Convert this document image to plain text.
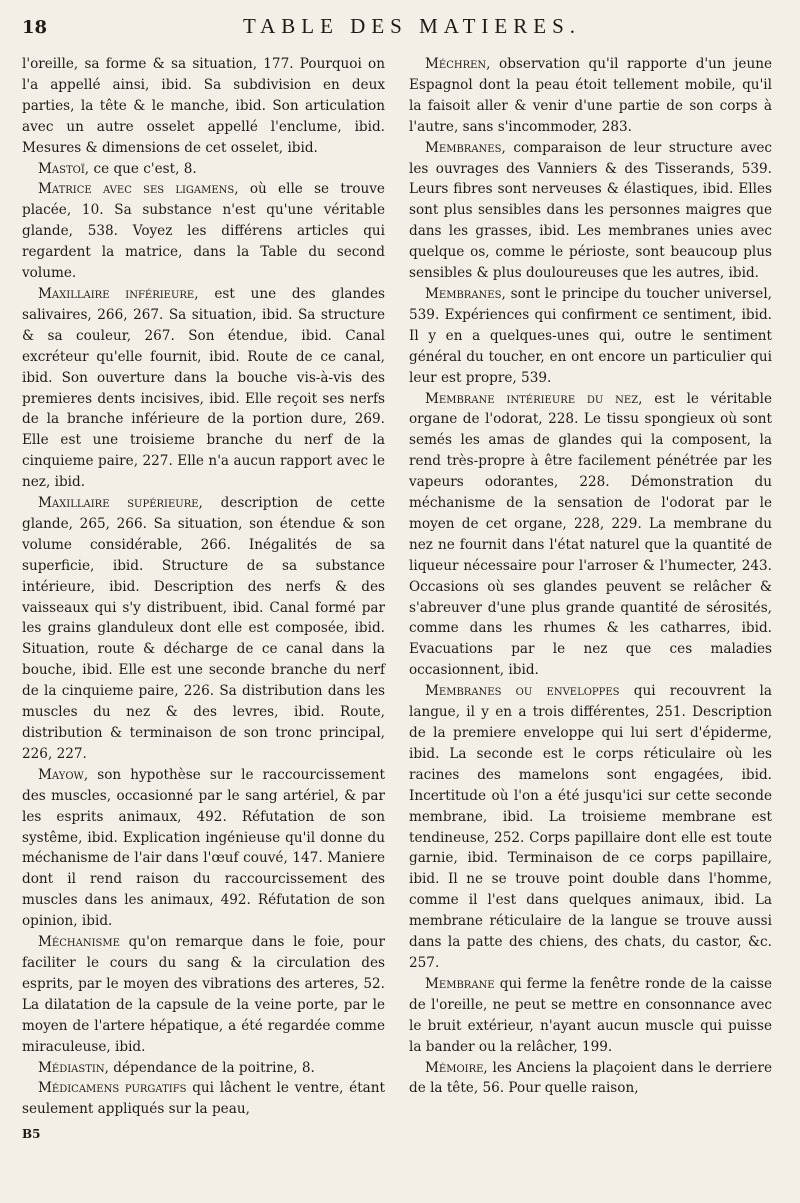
18	TABLE DES MATIERES.

l'oreille, sa forme & sa situation, 177. Pourquoi on l'a appellé ainsi, ibid. Sa subdivision en deux parties, la tête & le manche, ibid. Son articulation avec un autre osselet appellé l'enclume, ibid. Mesures & dimensions de cet osselet, ibid.

Mastoï, ce que c'est, 8.

Matrice avec ses ligamens, où elle se trouve placée, 10. Sa substance n'est qu'une véritable glande, 538. Voyez les différens articles qui regardent la matrice, dans la Table du second volume.

Maxillaire inférieure, est une des glandes salivaires, 266, 267. Sa situation, ibid. Sa structure & sa couleur, 267. Son étendue, ibid. Canal excréteur qu'elle fournit, ibid. Route de ce canal, ibid. Son ouverture dans la bouche vis-à-vis des premieres dents incisives, ibid. Elle reçoit ses nerfs de la branche inférieure de la portion dure, 269. Elle est une troisieme branche du nerf de la cinquieme paire, 227. Elle n'a aucun rapport avec le nez, ibid.

Maxillaire supérieure, description de cette glande, 265, 266. Sa situation, son étendue & son volume considérable, 266. Inégalités de sa superficie, ibid. Structure de sa substance intérieure, ibid. Description des nerfs & des vaisseaux qui s'y distribuent, ibid. Canal formé par les grains glanduleux dont elle est composée, ibid. Situation, route & décharge de ce canal dans la bouche, ibid. Elle est une seconde branche du nerf de la cinquieme paire, 226. Sa distribution dans les muscles du nez & des levres, ibid. Route, distribution & terminaison de son tronc principal, 226, 227.

Mayow, son hypothèse sur le raccourcissement des muscles, occasionné par le sang artériel, & par les esprits animaux, 492. Réfutation de son systême, ibid. Explication ingénieuse qu'il donne du méchanisme de l'air dans l'œuf couvé, 147. Maniere dont il rend raison du raccourcissement des muscles dans les animaux, 492. Réfutation de son opinion, ibid.

Méchanisme qu'on remarque dans le foie, pour faciliter le cours du sang & la circulation des esprits, par le moyen des vibrations des arteres, 52. La dilatation de la capsule de la veine porte, par le moyen de l'artere hépatique, a été regardée comme miraculeuse, ibid.

Médiastin, dépendance de la poitrine, 8.

Médicamens purgatifs qui lâchent le ventre, étant seulement appliqués sur la peau,

B5

Méchren, observation qu'il rapporte d'un jeune Espagnol dont la peau étoit tellement mobile, qu'il la faisoit aller & venir d'une partie de son corps à l'autre, sans s'incommoder, 283.

Membranes, comparaison de leur structure avec les ouvrages des Vanniers & des Tisserands, 539. Leurs fibres sont nerveuses & élastiques, ibid. Elles sont plus sensibles dans les personnes maigres que dans les grasses, ibid. Les membranes unies avec quelque os, comme le périoste, sont beaucoup plus sensibles & plus douloureuses que les autres, ibid.

Membranes, sont le principe du toucher universel, 539. Expériences qui confirment ce sentiment, ibid. Il y en a quelques-unes qui, outre le sentiment général du toucher, en ont encore un particulier qui leur est propre, 539.

Membrane intérieure du nez, est le véritable organe de l'odorat, 228. Le tissu spongieux où sont semés les amas de glandes qui la composent, la rend très-propre à être facilement pénétrée par les vapeurs odorantes, 228. Démonstration du méchanisme de la sensation de l'odorat par le moyen de cet organe, 228, 229. La membrane du nez ne fournit dans l'état naturel que la quantité de liqueur nécessaire pour l'arroser & l'humecter, 243. Occasions où ses glandes peuvent se relâcher & s'abreuver d'une plus grande quantité de sérosités, comme dans les rhumes & les catharres, ibid. Evacuations par le nez que ces maladies occasionnent, ibid.

Membranes ou enveloppes qui recouvrent la langue, il y en a trois différentes, 251. Description de la premiere enveloppe qui lui sert d'épiderme, ibid. La seconde est le corps réticulaire où les racines des mamelons sont engagées, ibid. Incertitude où l'on a été jusqu'ici sur cette seconde membrane, ibid. La troisieme membrane est tendineuse, 252. Corps papillaire dont elle est toute garnie, ibid. Terminaison de ce corps papillaire, ibid. Il ne se trouve point double dans l'homme, comme il l'est dans quelques animaux, ibid. La membrane réticulaire de la langue se trouve aussi dans la patte des chiens, des chats, du castor, &c. 257.

Membrane qui ferme la fenêtre ronde de la caisse de l'oreille, ne peut se mettre en consonnance avec le bruit extérieur, n'ayant aucun muscle qui puisse la bander ou la relâcher, 199.

Mémoire, les Anciens la plaçoient dans le derriere de la tête, 56. Pour quelle raison,
